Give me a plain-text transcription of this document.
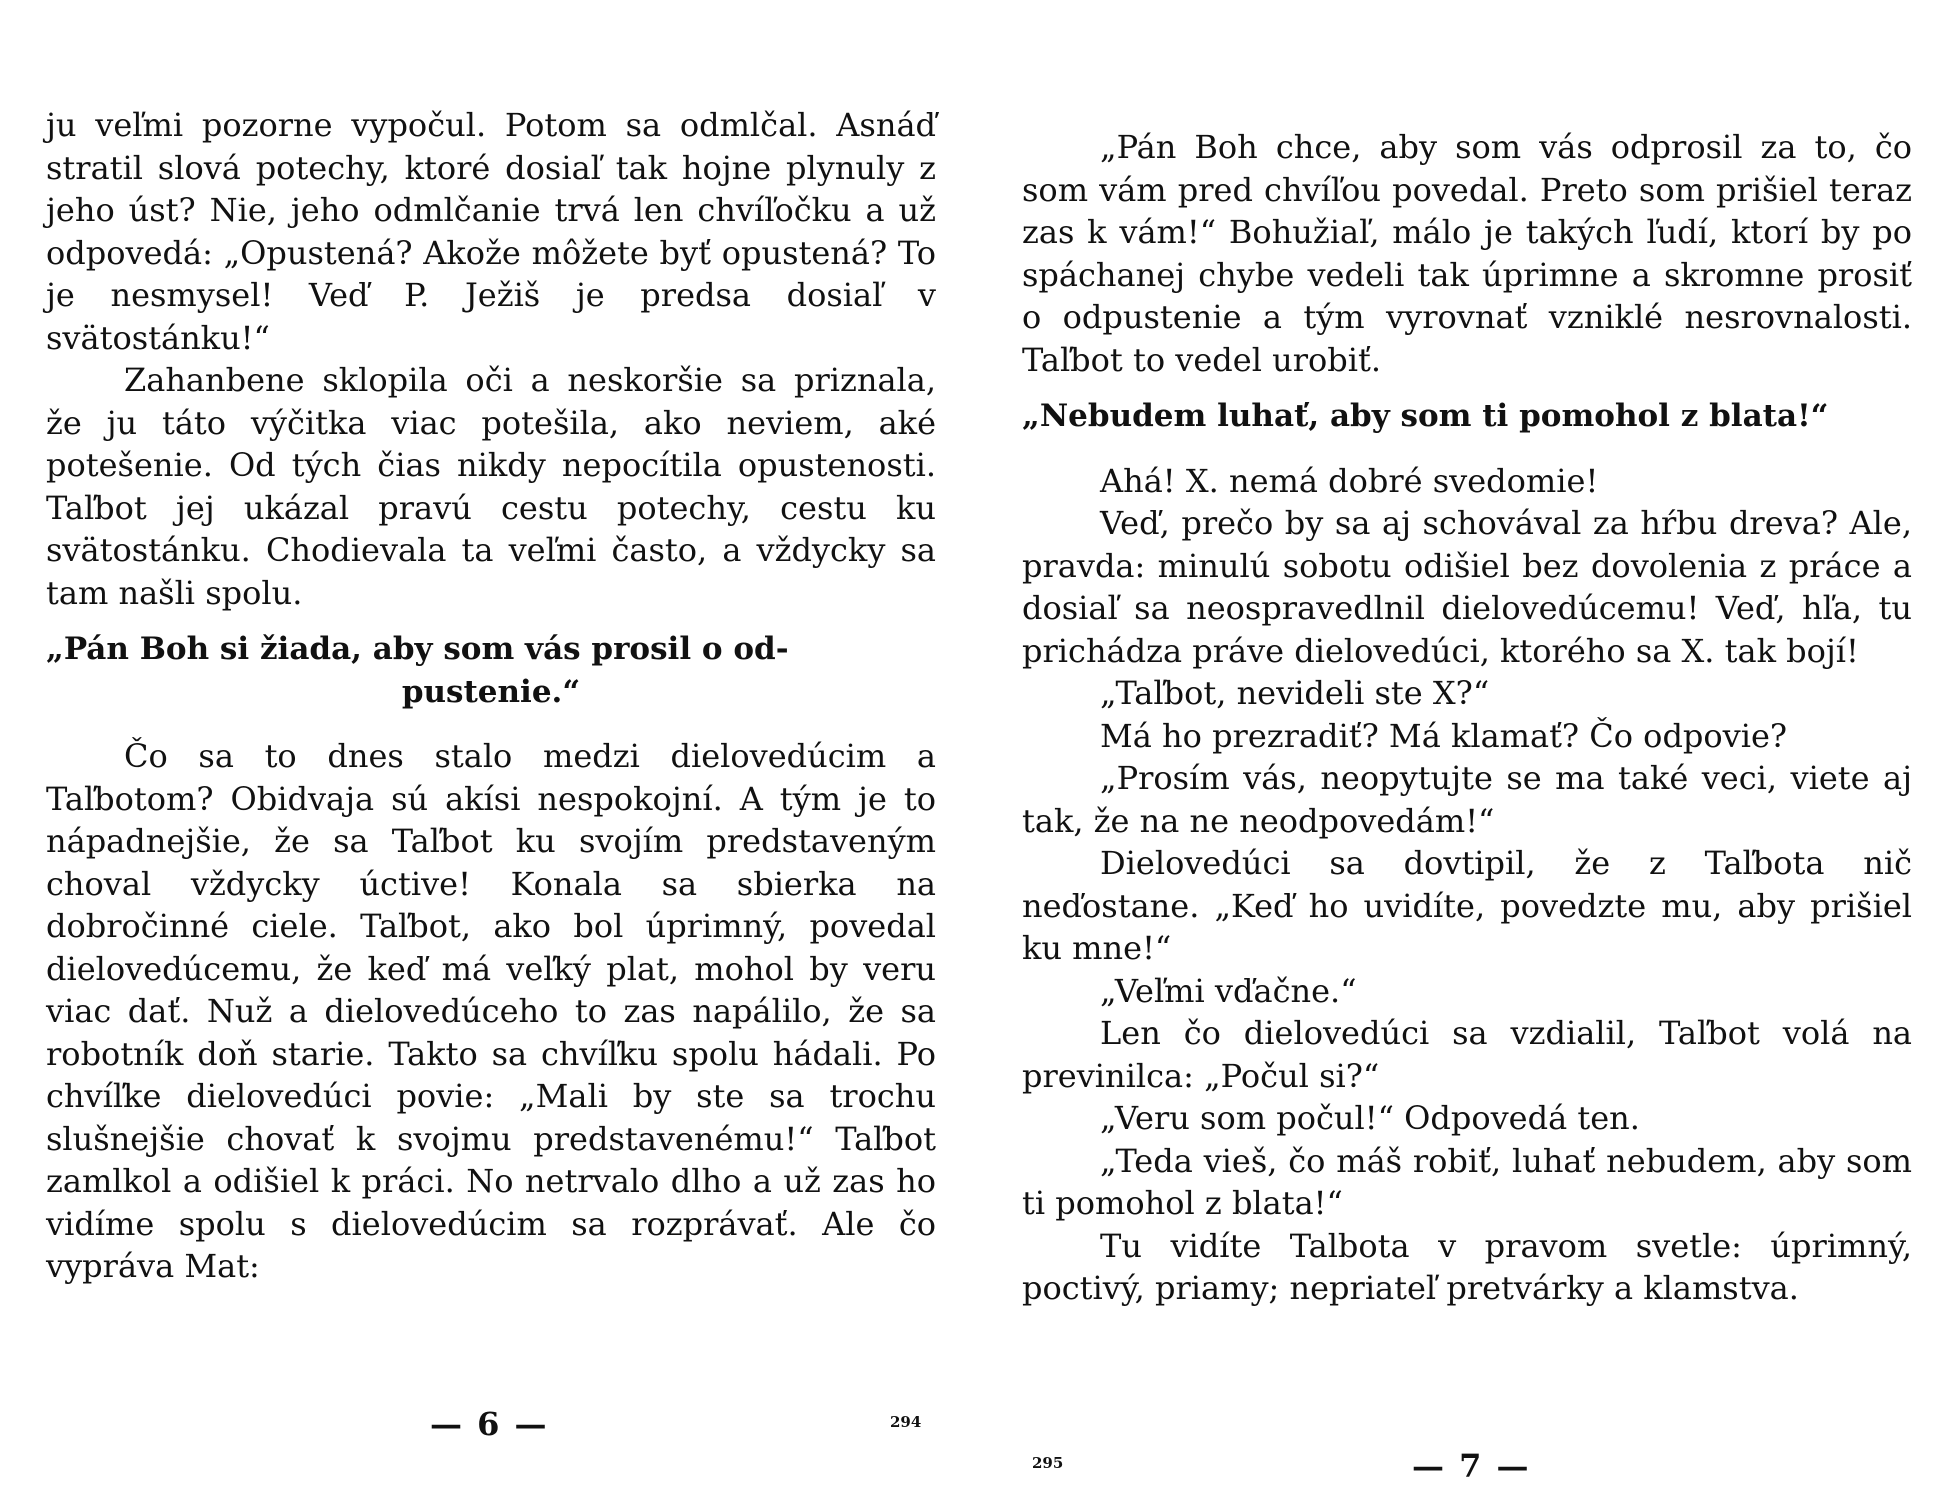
ju veľmi pozorne vypočul. Potom sa odmlčal. Asnáď stratil slová potechy, ktoré dosiaľ tak hojne plynuly z jeho úst? Nie, jeho odmlčanie trvá len chvíľočku a už odpovedá: „Opustená? Akože môžete byť opustená? To je nesmysel! Veď P. Ježiš je predsa dosiaľ v svätostánku!“

Zahanbene sklopila oči a neskoršie sa priznala, že ju táto výčitka viac potešila, ako neviem, aké potešenie. Od tých čias nikdy nepocítila opustenosti. Taľbot jej ukázal pravú cestu potechy, cestu ku svätostánku. Chodievala ta veľmi často, a vždycky sa tam našli spolu.

„Pán Boh si žiada, aby som vás prosil o od-
pustenie.“

Čo sa to dnes stalo medzi dielovedúcim a Taľbotom? Obidvaja sú akísi nespokojní. A tým je to nápadnejšie, že sa Taľbot ku svojím predstaveným choval vždycky úctive! Konala sa sbierka na dobročinné ciele. Taľbot, ako bol úprimný, povedal dielovedúcemu, že keď má veľký plat, mohol by veru viac dať. Nuž a dielovedúceho to zas napálilo, že sa robotník doň starie. Takto sa chvíľku spolu hádali. Po chvíľke dielovedúci povie: „Mali by ste sa trochu slušnejšie chovať k svojmu predstavenému!“ Taľbot zamlkol a odišiel k práci. No netrvalo dlho a už zas ho vidíme spolu s dielovedúcim sa rozprávať. Ale čo vyprávа Mat:

— 6 —	294

„Pán Boh chce, aby som vás odprosil za to, čo som vám pred chvíľou povedal. Preto som prišiel teraz zas k vám!“ Bohužiaľ, málo je takých ľudí, ktorí by po spáchanej chybe vedeli tak úprimne a skromne prosiť o odpustenie a tým vyrovnať vzniklé nesrovnalosti. Taľbot to vedel urobiť.

„Nebudem luhať, aby som ti pomohol z blata!“

Ahá! X. nemá dobré svedomie!

Veď, prečo by sa aj schovával za hŕbu dreva? Ale, pravda: minulú sobotu odišiel bez dovolenia z práce a dosiaľ sa neospravedlnil dielovedúcemu! Veď, hľa, tu prichádza práve dielovedúci, ktorého sa X. tak bojí!

„Taľbot, nevideli ste X?“

Má ho prezradiť? Má klamať? Čo odpovie?

„Prosím vás, neopytujte se ma také veci, viete aj tak, že na ne neodpovedám!“

Dielovedúci sa dovtipil, že z Taľbota nič neďostane. „Keď ho uvidíte, povedzte mu, aby prišiel ku mne!“

„Veľmi vďačne.“

Len čo dielovedúci sa vzdialil, Taľbot volá na previnilca: „Počul si?“

„Veru som počul!“ Odpovedá ten.

„Teda vieš, čo máš robiť, luhať nebudem, aby som ti pomohol z blata!“

Tu vidíte Talbota v pravom svetle: úprimný, poctivý, priamy; nepriateľ pretvárky a klamstva.

295	— 7 —
